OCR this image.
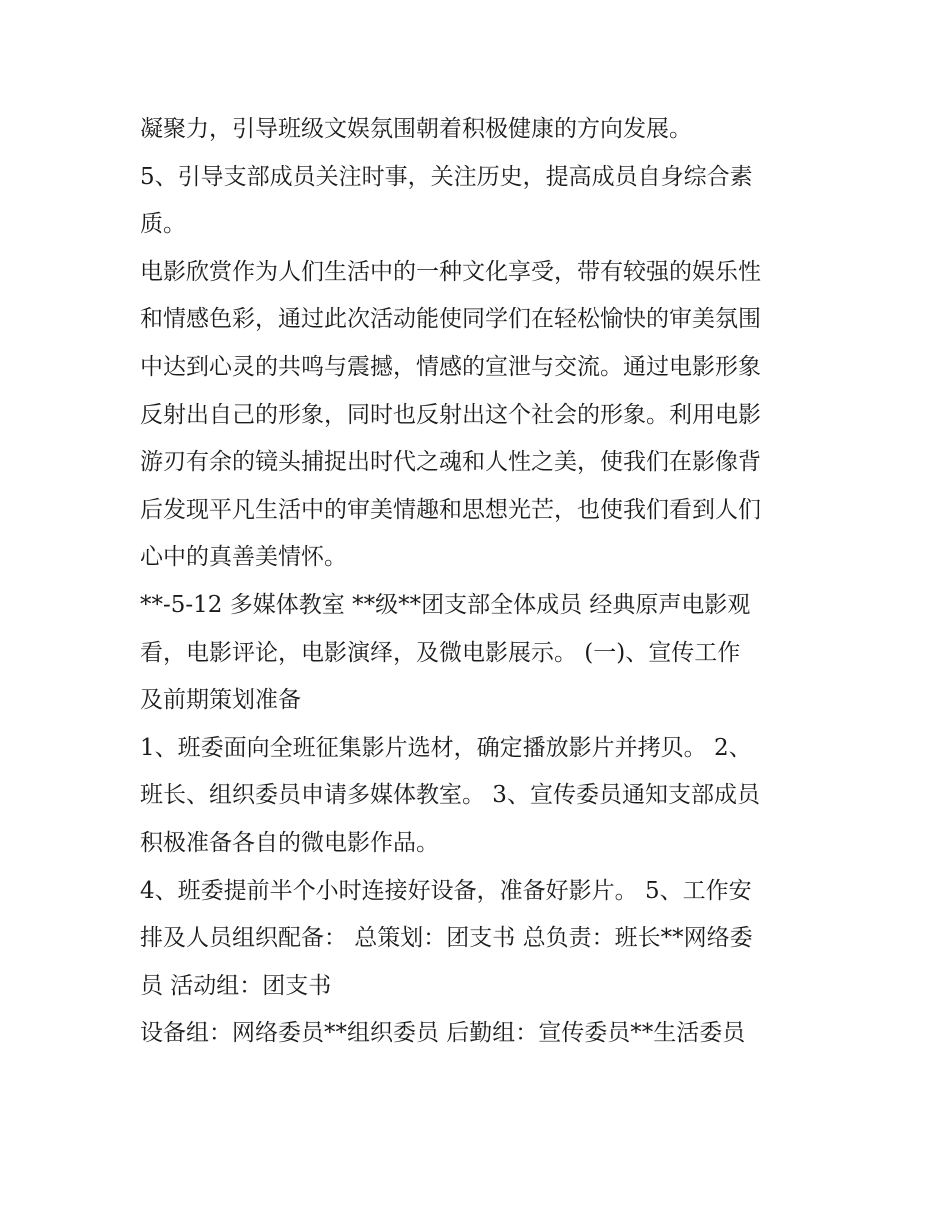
凝聚力，引导班级文娱氛围朝着积极健康的方向发展。

5、引导支部成员关注时事，关注历史，提高成员自身综合素
质。

电影欣赏作为人们生活中的一种文化享受，带有较强的娱乐性
和情感色彩，通过此次活动能使同学们在轻松愉快的审美氛围
中达到心灵的共鸣与震撼，情感的宣泄与交流。通过电影形象
反射出自己的形象，同时也反射出这个社会的形象。利用电影
游刃有余的镜头捕捉出时代之魂和人性之美，使我们在影像背
后发现平凡生活中的审美情趣和思想光芒，也使我们看到人们
心中的真善美情怀。

**-5-12 多媒体教室 **级**团支部全体成员 经典原声电影观
看，电影评论，电影演绎，及微电影展示。 (一)、宣传工作
及前期策划准备

1、班委面向全班征集影片选材，确定播放影片并拷贝。 2、
班长、组织委员申请多媒体教室。 3、宣传委员通知支部成员
积极准备各自的微电影作品。

4、班委提前半个小时连接好设备，准备好影片。 5、工作安
排及人员组织配备： 总策划：团支书 总负责：班长**网络委
员 活动组：团支书

设备组：网络委员**组织委员 后勤组：宣传委员**生活委员
